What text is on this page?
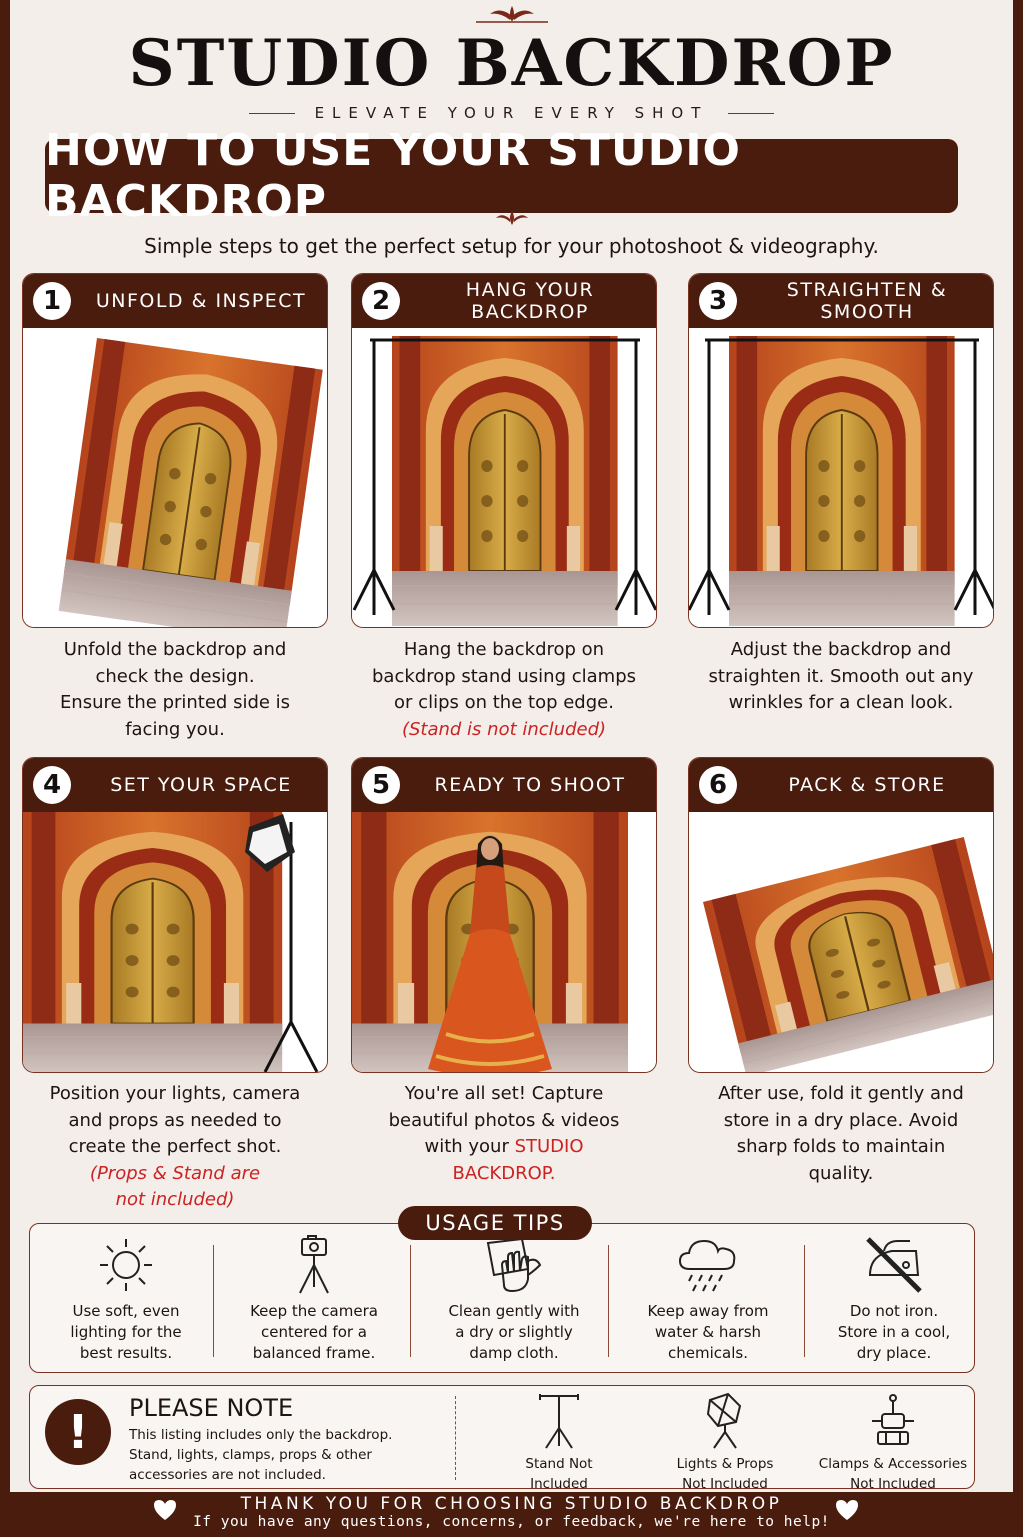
STUDIO BACKDROP
ELEVATE YOUR EVERY SHOT
HOW TO USE YOUR STUDIO BACKDROP
Simple steps to get the perfect setup for your photoshoot & videography.
1	UNFOLD & INSPECT
Unfold the backdrop and
check the design.
Ensure the printed side is
facing you.
2	HANG YOUR BACKDROP
Hang the backdrop on
backdrop stand using clamps
or clips on the top edge.
(Stand is not included)
3	STRAIGHTEN & SMOOTH
Adjust the backdrop and
straighten it. Smooth out any
wrinkles for a clean look.
4	SET YOUR SPACE
Position your lights, camera
and props as needed to
create the perfect shot.
(Props & Stand are
not included)
5	READY TO SHOOT
You're all set! Capture
beautiful photos & videos
with your STUDIO
BACKDROP.
6	PACK & STORE
After use, fold it gently and
store in a dry place. Avoid
sharp folds to maintain
quality.
USAGE TIPS
Use soft, even
lighting for the
best results.
Keep the camera
centered for a
balanced frame.
Clean gently with
a dry or slightly
damp cloth.
Keep away from
water & harsh
chemicals.
Do not iron.
Store in a cool,
dry place.
!	PLEASE NOTE
This listing includes only the backdrop.
Stand, lights, clamps, props & other
accessories are not included.
Stand Not
Included
Lights & Props
Not Included
Clamps & Accessories
Not Included
THANK YOU FOR CHOOSING STUDIO BACKDROP
If you have any questions, concerns, or feedback, we're here to help!
